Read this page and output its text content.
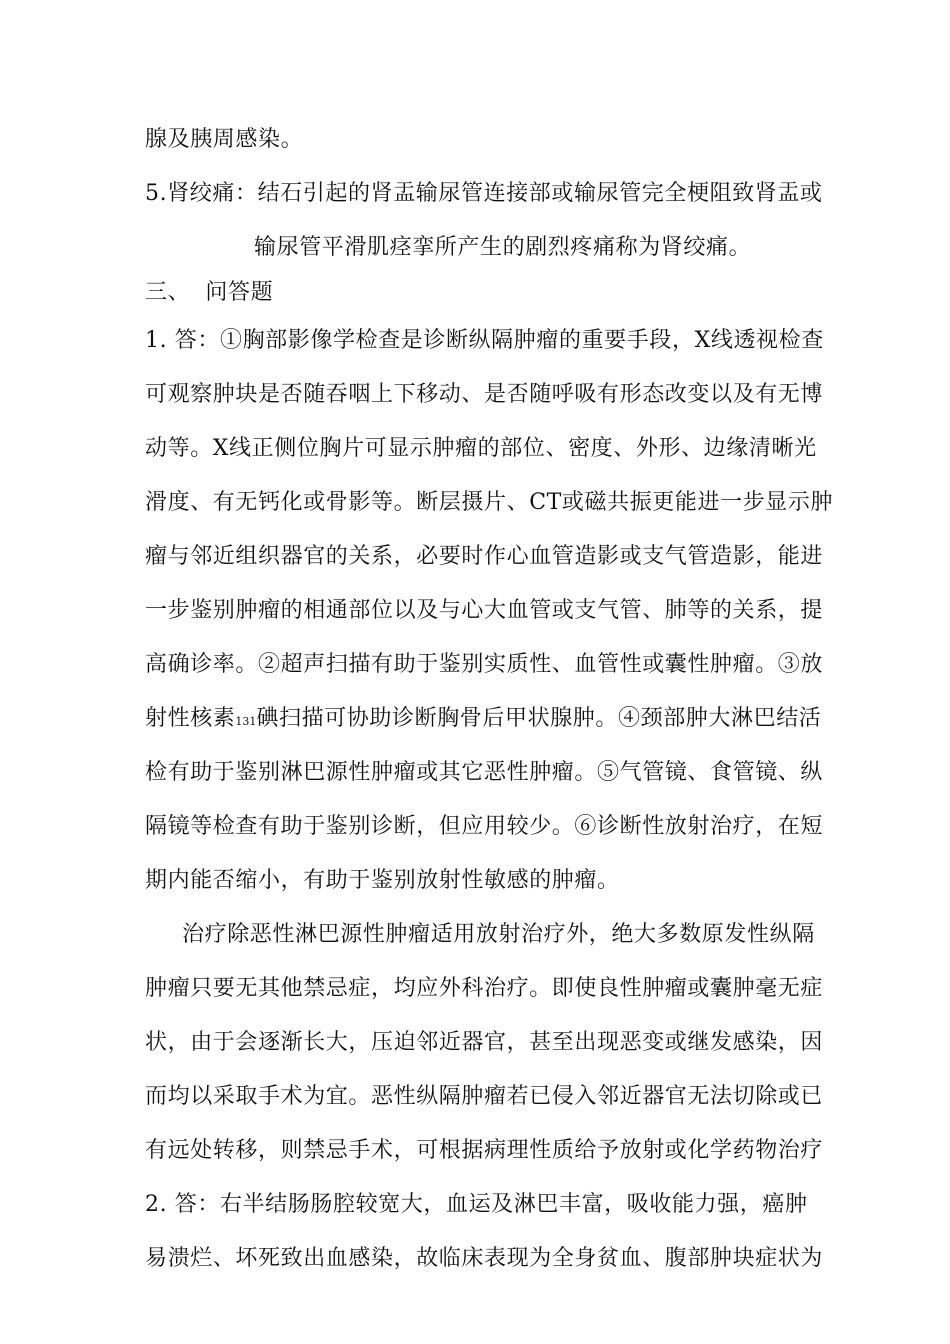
腺及胰周感染。
5.肾绞痛：结石引起的肾盂输尿管连接部或输尿管完全梗阻致肾盂或
输尿管平滑肌痉挛所产生的剧烈疼痛称为肾绞痛。
三、  问答题
1. 答：①胸部影像学检查是诊断纵隔肿瘤的重要手段，X线透视检查
可观察肿块是否随吞咽上下移动、是否随呼吸有形态改变以及有无博
动等。X线正侧位胸片可显示肿瘤的部位、密度、外形、边缘清晰光
滑度、有无钙化或骨影等。断层摄片、CT或磁共振更能进一步显示肿
瘤与邻近组织器官的关系，必要时作心血管造影或支气管造影，能进
一步鉴别肿瘤的相通部位以及与心大血管或支气管、肺等的关系，提
高确诊率。②超声扫描有助于鉴别实质性、血管性或囊性肿瘤。③放
射性核素 131 碘扫描可协助诊断胸骨后甲状腺肿。④颈部肿大淋巴结活
检有助于鉴别淋巴源性肿瘤或其它恶性肿瘤。⑤气管镜、食管镜、纵
隔镜等检查有助于鉴别诊断，但应用较少。⑥诊断性放射治疗，在短
期内能否缩小，有助于鉴别放射性敏感的肿瘤。
治疗除恶性淋巴源性肿瘤适用放射治疗外，绝大多数原发性纵隔
肿瘤只要无其他禁忌症，均应外科治疗。即使良性肿瘤或囊肿毫无症
状，由于会逐渐长大，压迫邻近器官，甚至出现恶变或继发感染，因
而均以采取手术为宜。恶性纵隔肿瘤若已侵入邻近器官无法切除或已
有远处转移，则禁忌手术，可根据病理性质给予放射或化学药物治疗
2. 答：右半结肠肠腔较宽大，血运及淋巴丰富，吸收能力强，癌肿
易溃烂、坏死致出血感染，故临床表现为全身贫血、腹部肿块症状为
